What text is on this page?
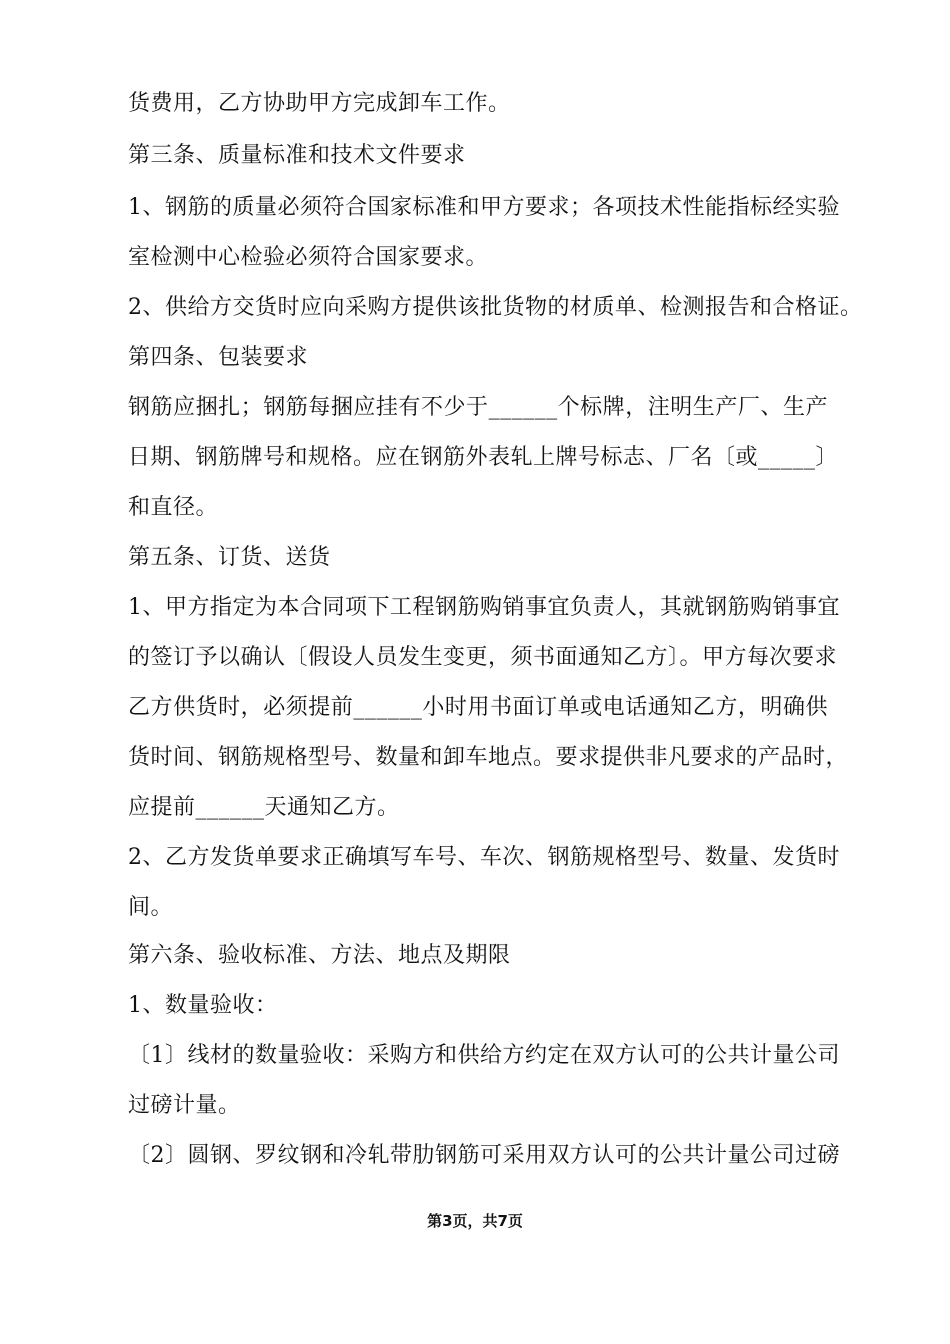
货费用，乙方协助甲方完成卸车工作。
第三条、质量标准和技术文件要求
1、钢筋的质量必须符合国家标准和甲方要求；各项技术性能指标经实验
室检测中心检验必须符合国家要求。
2、供给方交货时应向采购方提供该批货物的材质单、检测报告和合格证。
第四条、包装要求
钢筋应捆扎；钢筋每捆应挂有不少于______个标牌，注明生产厂、生产
日期、钢筋牌号和规格。应在钢筋外表轧上牌号标志、厂名〔或_____〕
和直径。
第五条、订货、送货
1、甲方指定为本合同项下工程钢筋购销事宜负责人，其就钢筋购销事宜
的签订予以确认〔假设人员发生变更，须书面通知乙方〕。甲方每次要求
乙方供货时，必须提前______小时用书面订单或电话通知乙方，明确供
货时间、钢筋规格型号、数量和卸车地点。要求提供非凡要求的产品时，
应提前______天通知乙方。
2、乙方发货单要求正确填写车号、车次、钢筋规格型号、数量、发货时
间。
第六条、验收标准、方法、地点及期限
1、数量验收：
〔1〕线材的数量验收：采购方和供给方约定在双方认可的公共计量公司
过磅计量。
〔2〕圆钢、罗纹钢和冷轧带肋钢筋可采用双方认可的公共计量公司过磅
第3页，共7页
